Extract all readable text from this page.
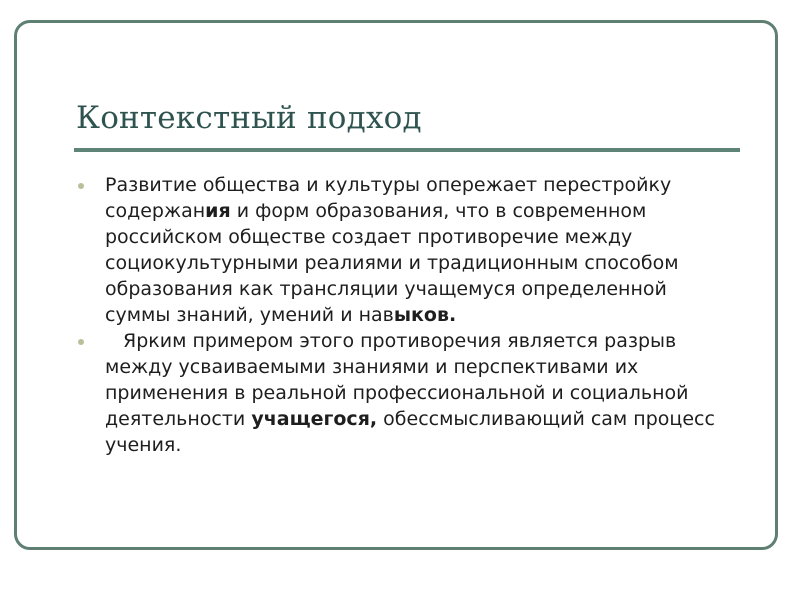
Контекстный подход
Развитие общества и культуры опережает перестройку содержания и форм образования, что в современном российском обществе создает противоречие между социокультурными реалиями и традиционным способом образования как трансляции учащемуся определенной суммы знаний, умений и навыков.
Ярким примером этого противоречия является разрыв между усваиваемыми знаниями и перспективами их применения в реальной профессиональной и социальной деятельности учащегося, обессмысливающий сам процесс учения.
